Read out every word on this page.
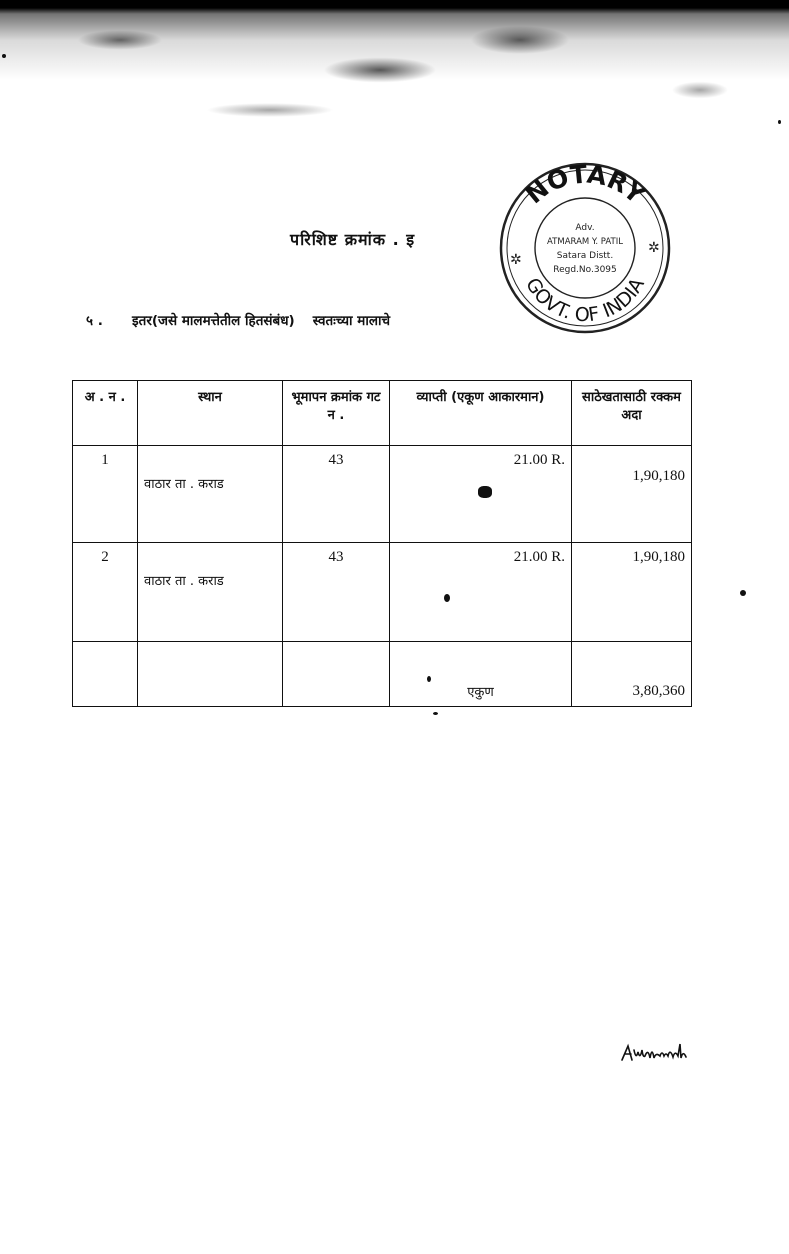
परिशिष्ट क्रमांक . इ
५ . इतर(जसे मालमत्तेतील हितसंबंध) स्वतःच्या मालाचे
NOTARY
GOVT. OF INDIA
Adv.
ATMARAM Y. PATIL
Satara Distt.
Regd.No.3095
✲
✲
अ . न .	स्थान	भूमापन क्रमांक गट न .	व्याप्ती (एकूण आकारमान)	साठेखतासाठी रक्कम अदा
1	वाठार ता . कराड	43	21.00 R.	1,90,180
2	वाठार ता . कराड	43	21.00 R.	1,90,180
			एकुण	3,80,360
